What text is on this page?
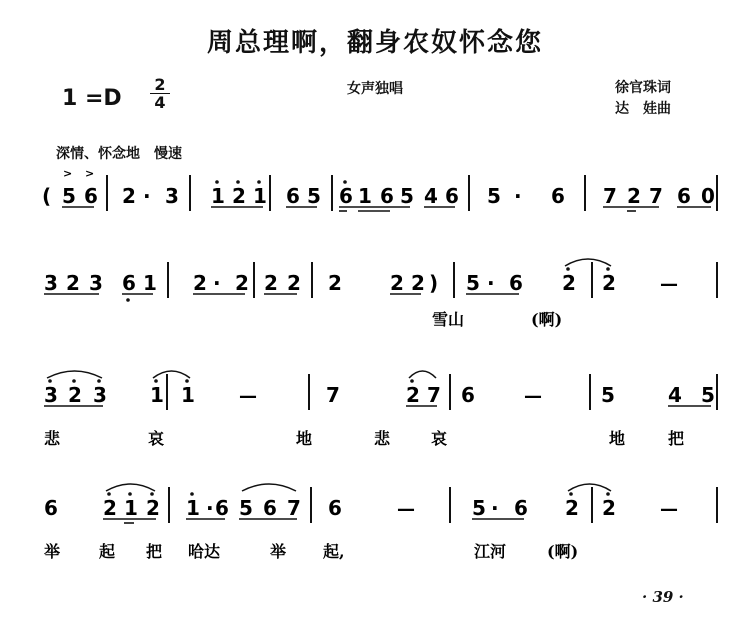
周总理啊，翻身农奴怀念您
$1 =D \frac{2}{4}$	女声独唱	徐官珠词
达　娃曲
深情、怀念地　慢速
· 39 ·
( 5 6 2 · 3 1 2 1 6 5 6 1 6 5 4 6 5 · 6 7 2 7 6 0
> >
3 2 3 6 1 2 · 2 2 2 2 2 2 ) 5 · 6 2 2 —
雪山	(啊)
3 2 3 1 1 —	7	2 7 6	—	5	4 5
悲	哀	地	悲	哀	地	把
6 2 1 2 1 · 6 5 6 7 6	—	5 · 6 2 2 —
举 起 把 哈达	举 起,	江河	(啊)
